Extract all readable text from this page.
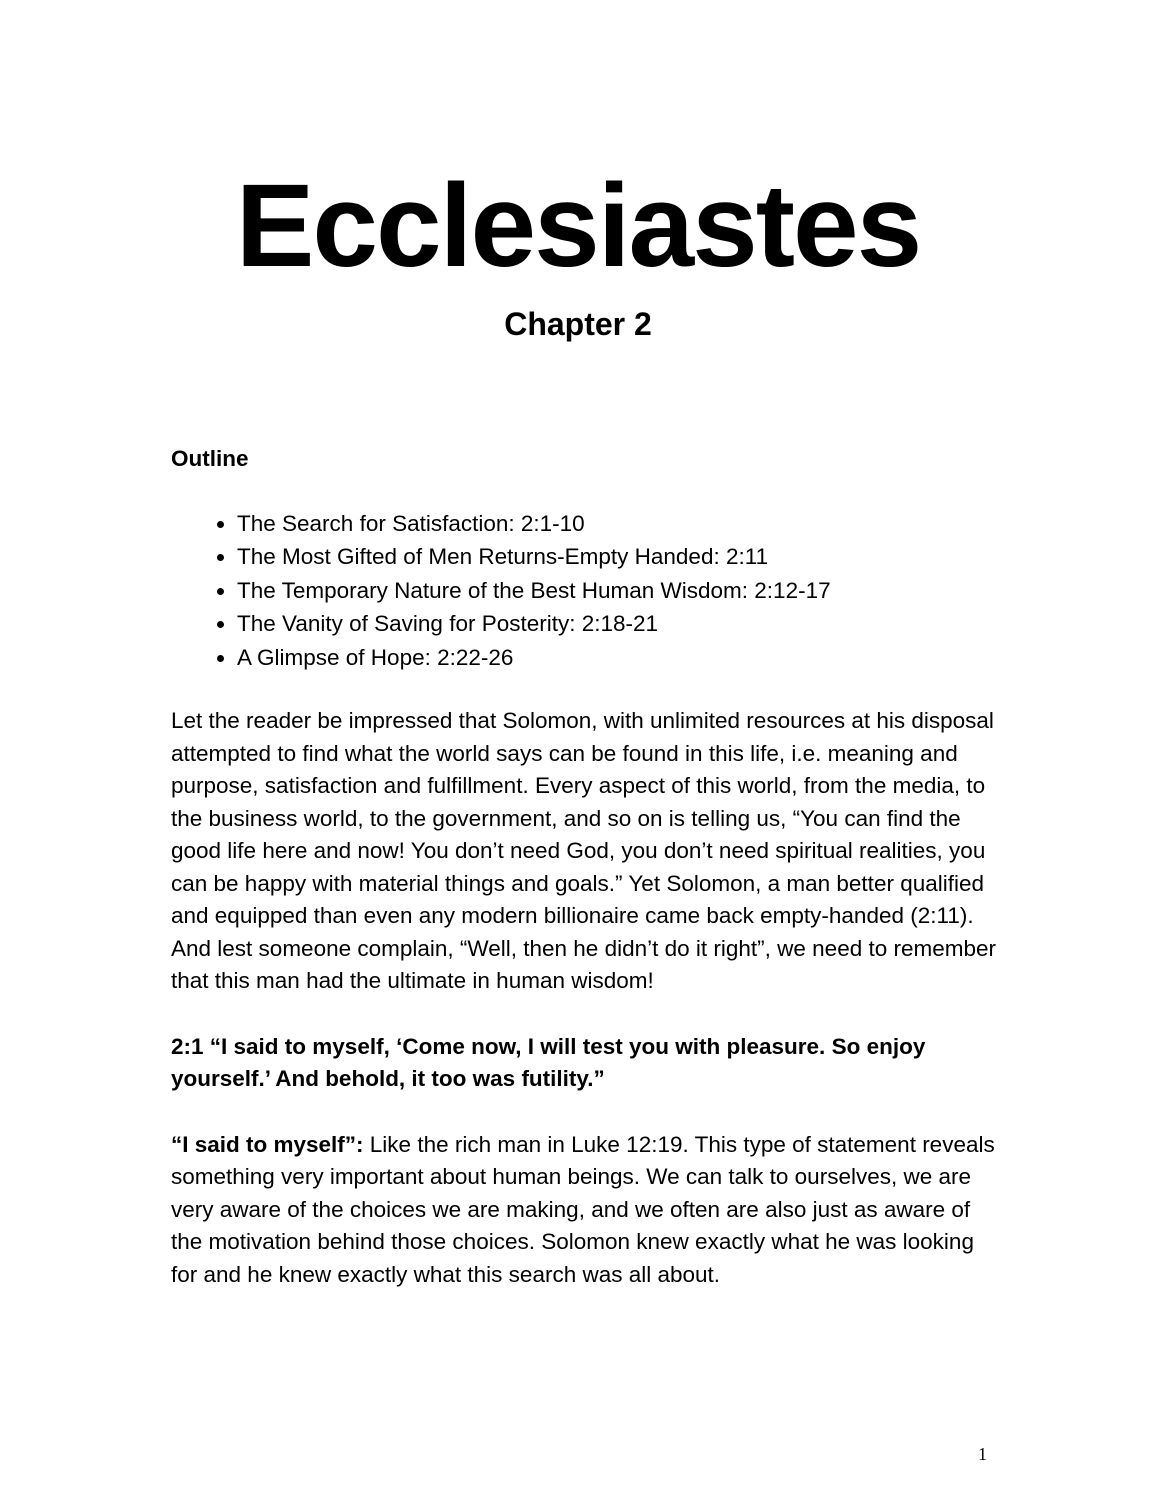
Ecclesiastes
Chapter 2
Outline
• The Search for Satisfaction: 2:1-10
• The Most Gifted of Men Returns-Empty Handed: 2:11
• The Temporary Nature of the Best Human Wisdom: 2:12-17
• The Vanity of Saving for Posterity: 2:18-21
• A Glimpse of Hope: 2:22-26

Let the reader be impressed that Solomon, with unlimited resources at his disposal attempted to find what the world says can be found in this life, i.e. meaning and purpose, satisfaction and fulfillment. Every aspect of this world, from the media, to the business world, to the government, and so on is telling us, “You can find the good life here and now! You don’t need God, you don’t need spiritual realities, you can be happy with material things and goals.” Yet Solomon, a man better qualified and equipped than even any modern billionaire came back empty-handed (2:11). And lest someone complain, “Well, then he didn’t do it right”, we need to remember that this man had the ultimate in human wisdom!

2:1 “I said to myself, ‘Come now, I will test you with pleasure. So enjoy yourself.’ And behold, it too was futility.”

“I said to myself”: Like the rich man in Luke 12:19. This type of statement reveals something very important about human beings. We can talk to ourselves, we are very aware of the choices we are making, and we often are also just as aware of the motivation behind those choices. Solomon knew exactly what he was looking for and he knew exactly what this search was all about.

1
